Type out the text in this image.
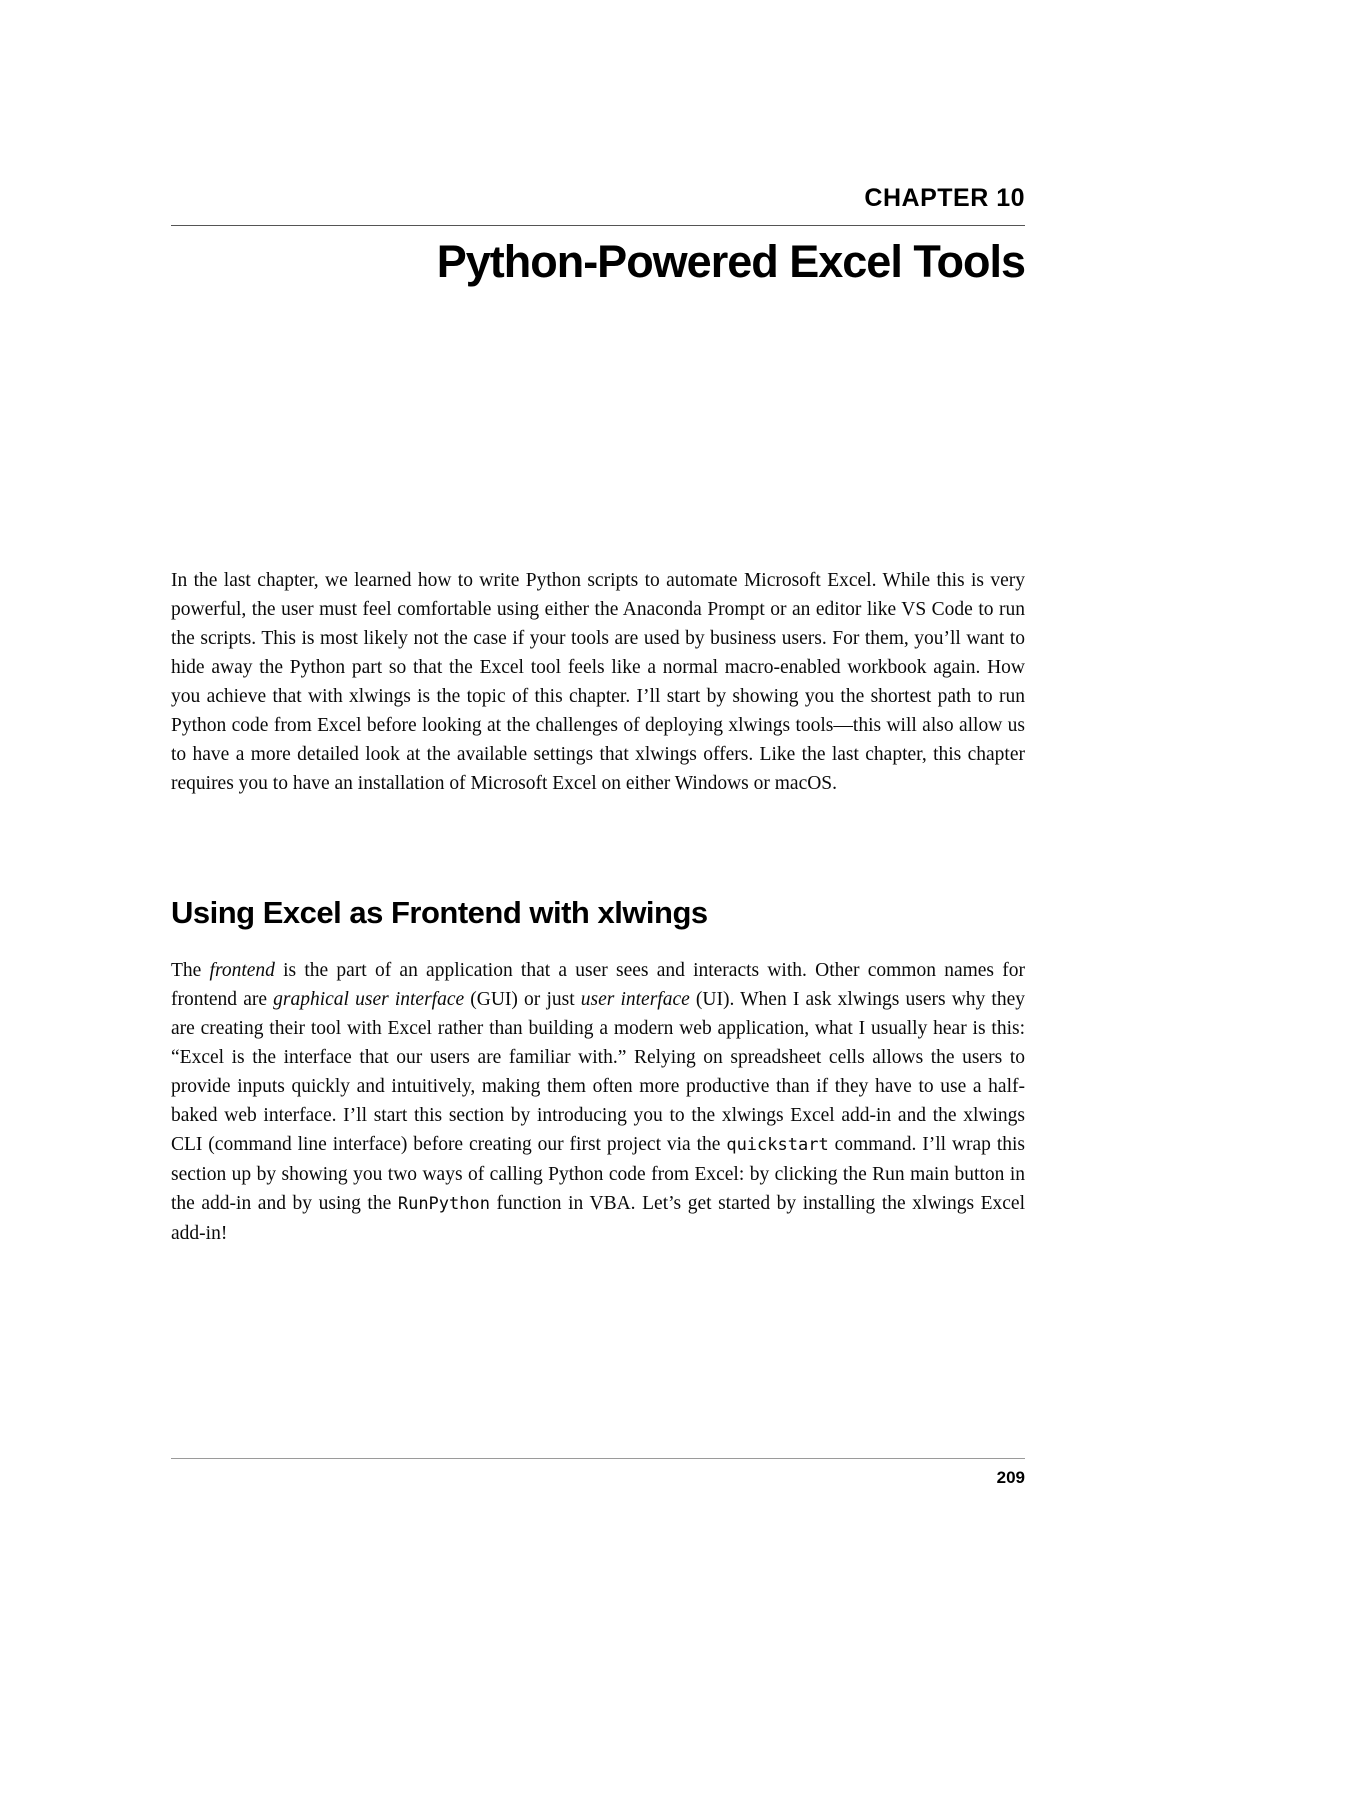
CHAPTER 10
Python-Powered Excel Tools

In the last chapter, we learned how to write Python scripts to automate Microsoft Excel. While this is very powerful, the user must feel comfortable using either the Anaconda Prompt or an editor like VS Code to run the scripts. This is most likely not the case if your tools are used by business users. For them, you’ll want to hide away the Python part so that the Excel tool feels like a normal macro-enabled workbook again. How you achieve that with xlwings is the topic of this chapter. I’ll start by showing you the shortest path to run Python code from Excel before looking at the challenges of deploying xlwings tools—this will also allow us to have a more detailed look at the available settings that xlwings offers. Like the last chapter, this chapter requires you to have an installation of Microsoft Excel on either Windows or macOS.

Using Excel as Frontend with xlwings

The frontend is the part of an application that a user sees and interacts with. Other common names for frontend are graphical user interface (GUI) or just user interface (UI). When I ask xlwings users why they are creating their tool with Excel rather than building a modern web application, what I usually hear is this: “Excel is the interface that our users are familiar with.” Relying on spreadsheet cells allows the users to provide inputs quickly and intuitively, making them often more productive than if they have to use a half-baked web interface. I’ll start this section by introducing you to the xlwings Excel add-in and the xlwings CLI (command line interface) before creating our first project via the quickstart command. I’ll wrap this section up by showing you two ways of calling Python code from Excel: by clicking the Run main button in the add-in and by using the RunPython function in VBA. Let’s get started by installing the xlwings Excel add-in!

209
